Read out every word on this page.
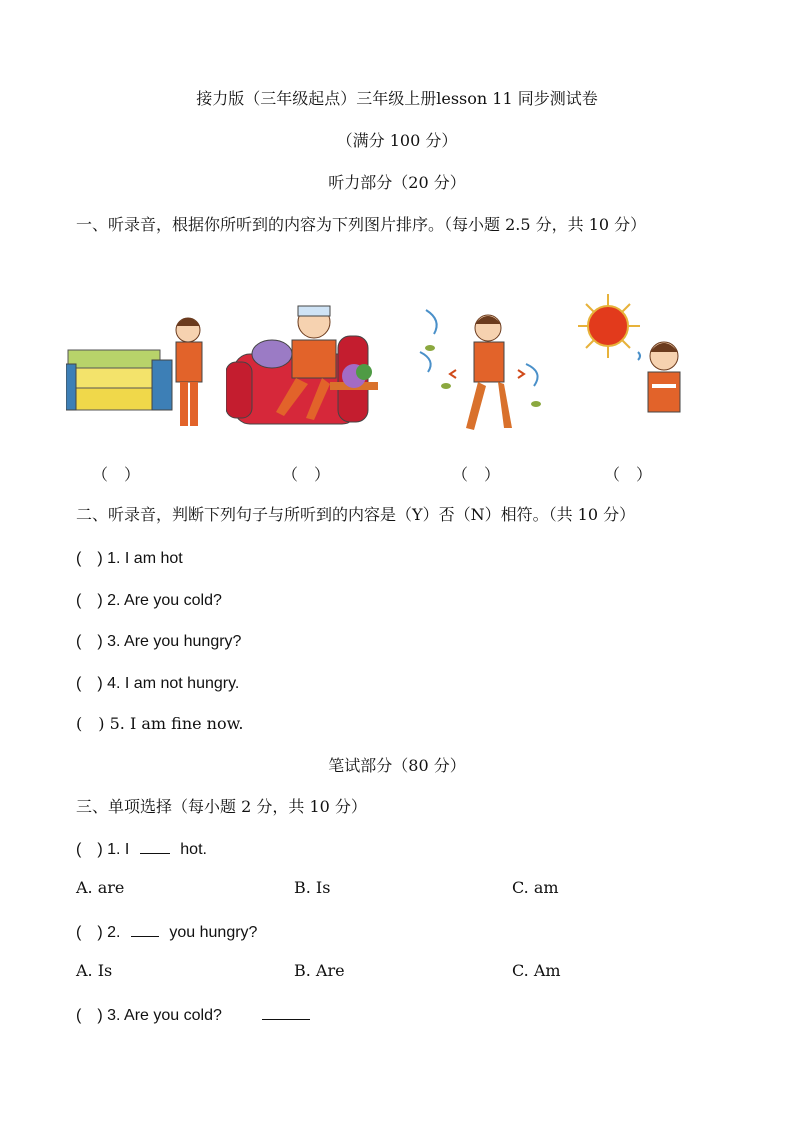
接力版（三年级起点）三年级上册lesson 11 同步测试卷
（满分 100 分）
听力部分（20 分）
一、听录音，根据你所听到的内容为下列图片排序。（每小题 2.5 分，共 10 分）
（　）	（　）	（　）	（　）
二、听录音，判断下列句子与所听到的内容是（Y）否（N）相符。（共 10 分）
(　) 1. I am hot
(　) 2. Are you cold?
(　) 3. Are you hungry?
(　) 4. I am not hungry.
(　) 5. I am fine now.
笔试部分（80 分）
三、单项选择（每小题 2 分，共 10 分）
(　) 1. I	hot.
A. are	B. Is	C. am
(　) 2.	you hungry?
A. Is	B. Are	C. Am
(　) 3. Are you cold?
